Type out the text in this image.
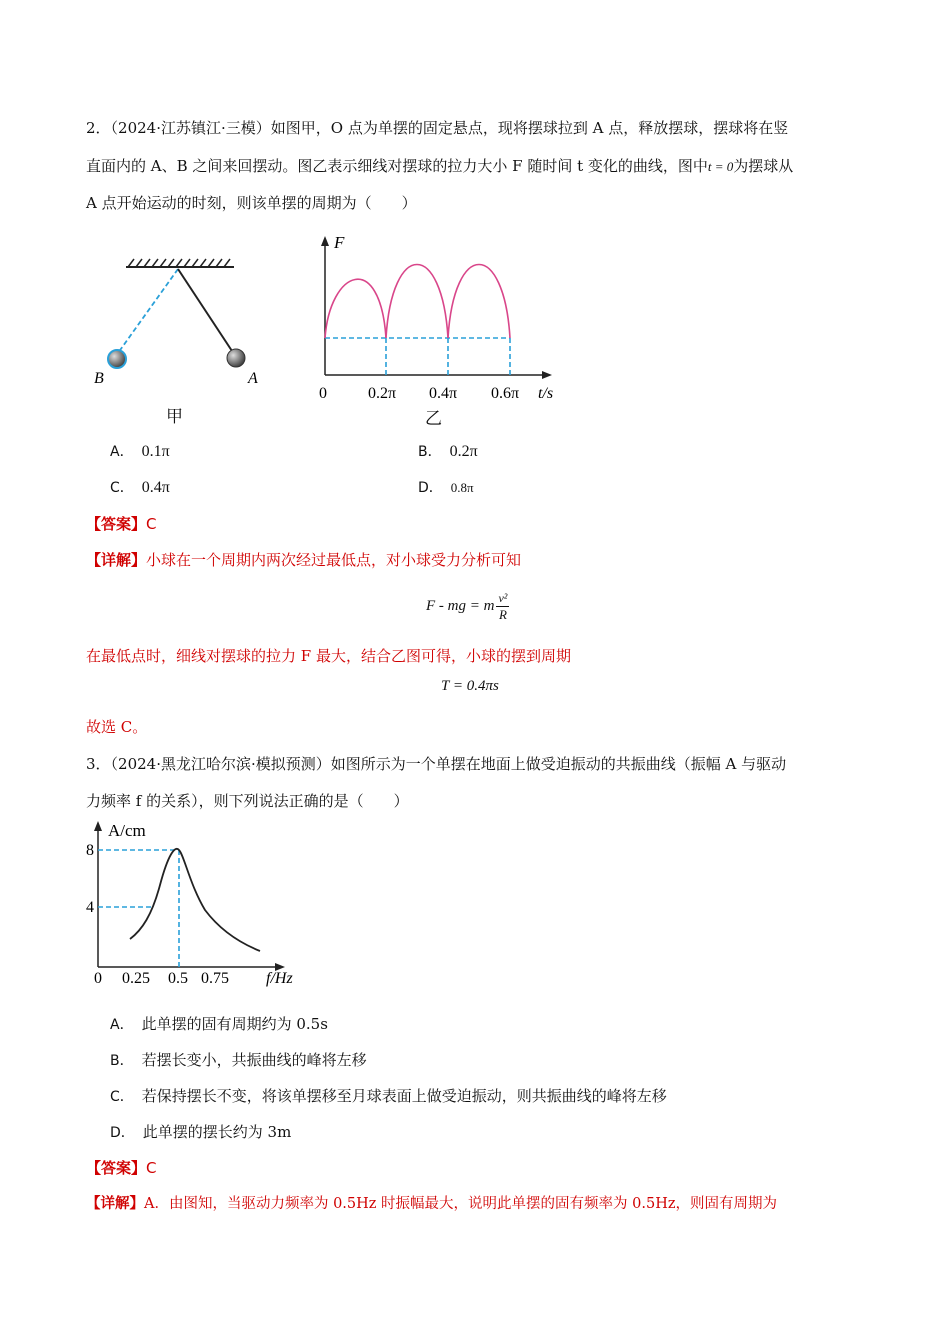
2．（2024·江苏镇江·三模）如图甲，O 点为单摆的固定悬点，现将摆球拉到 A 点，释放摆球，摆球将在竖
直面内的 A、B 之间来回摆动。图乙表示细线对摆球的拉力大小 F 随时间 t 变化的曲线，图中t = 0为摆球从
A 点开始运动的时刻，则该单摆的周期为（　　）
B	A
甲
F
0	0.2π 0.4π 0.6π t/s
乙
A． 0.1π	B． 0.2π
C． 0.4π	D． 0.8π
【答案】C
【详解】小球在一个周期内两次经过最低点，对小球受力分析可知
F - mg = m $\frac{\text{v²}}{R}$
在最低点时，细线对摆球的拉力 F 最大，结合乙图可得，小球的摆到周期
T = 0.4πs
故选 C。
3．（2024·黑龙江哈尔滨·模拟预测）如图所示为一个单摆在地面上做受迫振动的共振曲线（振幅 A 与驱动
力频率 f 的关系），则下列说法正确的是（　　）
A/cm
8
4
0 0.25 0.5 0.75 f/Hz
A． 此单摆的固有周期约为 0.5s
B． 若摆长变小，共振曲线的峰将左移
C． 若保持摆长不变，将该单摆移至月球表面上做受迫振动，则共振曲线的峰将左移
D． 此单摆的摆长约为 3m
【答案】C
【详解】A．由图知，当驱动力频率为 0.5Hz 时振幅最大，说明此单摆的固有频率为 0.5Hz，则固有周期为
